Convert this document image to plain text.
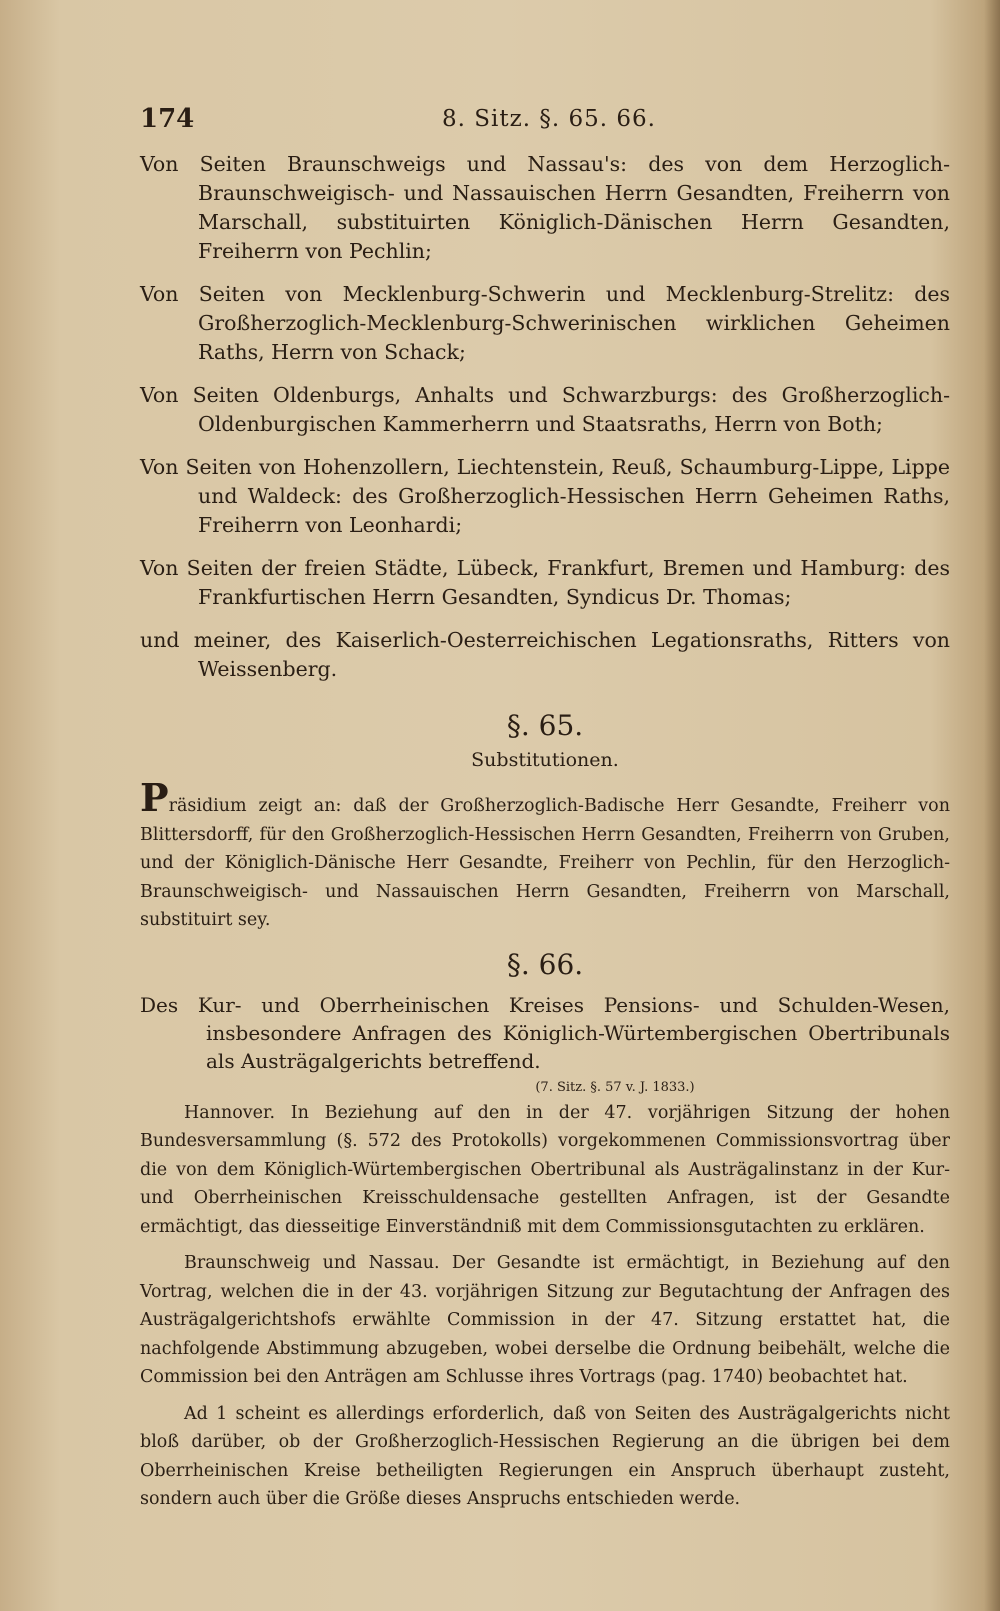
174	8. Sitz. §. 65. 66.

Von Seiten Braunschweigs und Nassau's: des von dem Herzoglich-Braunschweigisch- und Nassauischen Herrn Gesandten, Freiherrn von Marschall, substituirten Königlich-Dänischen Herrn Gesandten, Freiherrn von Pechlin;

Von Seiten von Mecklenburg-Schwerin und Mecklenburg-Strelitz: des Großherzoglich-Mecklenburg-Schwerinischen wirklichen Geheimen Raths, Herrn von Schack;

Von Seiten Oldenburgs, Anhalts und Schwarzburgs: des Großherzoglich-Oldenburgischen Kammerherrn und Staatsraths, Herrn von Both;

Von Seiten von Hohenzollern, Liechtenstein, Reuß, Schaumburg-Lippe, Lippe und Waldeck: des Großherzoglich-Hessischen Herrn Geheimen Raths, Freiherrn von Leonhardi;

Von Seiten der freien Städte, Lübeck, Frankfurt, Bremen und Hamburg: des Frankfurtischen Herrn Gesandten, Syndicus Dr. Thomas;

und meiner, des Kaiserlich-Oesterreichischen Legationsraths, Ritters von Weissenberg.

§. 65.

Substitutionen.

Präsidium zeigt an: daß der Großherzoglich-Badische Herr Gesandte, Freiherr von Blittersdorff, für den Großherzoglich-Hessischen Herrn Gesandten, Freiherrn von Gruben, und der Königlich-Dänische Herr Gesandte, Freiherr von Pechlin, für den Herzoglich-Braunschweigisch- und Nassauischen Herrn Gesandten, Freiherrn von Marschall, substituirt sey.

§. 66.

Des Kur- und Oberrheinischen Kreises Pensions- und Schulden-Wesen, insbesondere Anfragen des Königlich-Würtembergischen Obertribunals als Austrägalgerichts betreffend.

(7. Sitz. §. 57 v. J. 1833.)

Hannover. In Beziehung auf den in der 47. vorjährigen Sitzung der hohen Bundesversammlung (§. 572 des Protokolls) vorgekommenen Commissionsvortrag über die von dem Königlich-Würtembergischen Obertribunal als Austrägalinstanz in der Kur- und Oberrheinischen Kreisschuldensache gestellten Anfragen, ist der Gesandte ermächtigt, das diesseitige Einverständniß mit dem Commissionsgutachten zu erklären.

Braunschweig und Nassau. Der Gesandte ist ermächtigt, in Beziehung auf den Vortrag, welchen die in der 43. vorjährigen Sitzung zur Begutachtung der Anfragen des Austrägalgerichtshofs erwählte Commission in der 47. Sitzung erstattet hat, die nachfolgende Abstimmung abzugeben, wobei derselbe die Ordnung beibehält, welche die Commission bei den Anträgen am Schlusse ihres Vortrags (pag. 1740) beobachtet hat.

Ad 1 scheint es allerdings erforderlich, daß von Seiten des Austrägalgerichts nicht bloß darüber, ob der Großherzoglich-Hessischen Regierung an die übrigen bei dem Oberrheinischen Kreise betheiligten Regierungen ein Anspruch überhaupt zusteht, sondern auch über die Größe dieses Anspruchs entschieden werde.
